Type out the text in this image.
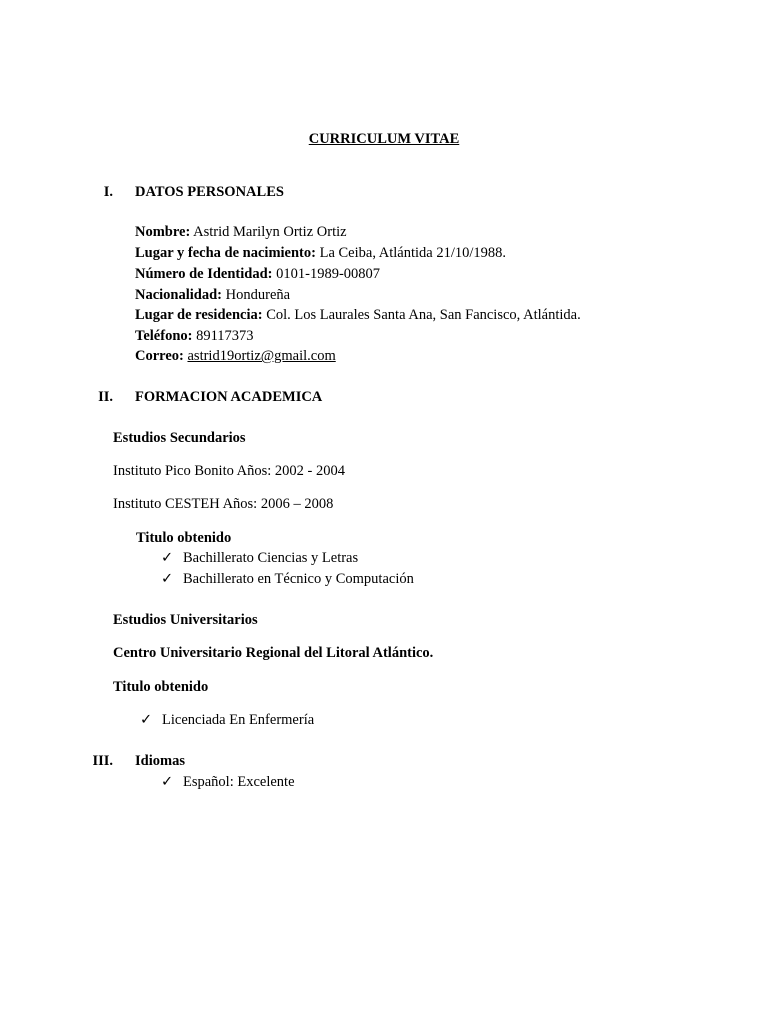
CURRICULUM VITAE
I. DATOS PERSONALES
Nombre: Astrid Marilyn Ortiz Ortiz
Lugar y fecha de nacimiento: La Ceiba, Atlántida 21/10/1988.
Número de Identidad: 0101-1989-00807
Nacionalidad: Hondureña
Lugar de residencia: Col. Los Laurales Santa Ana, San Fancisco, Atlántida.
Teléfono: 89117373
Correo: astrid19ortiz@gmail.com
II. FORMACION ACADEMICA
Estudios Secundarios
Instituto Pico Bonito Años: 2002 - 2004
Instituto CESTEH Años: 2006 – 2008
Titulo obtenido
✓ Bachillerato Ciencias y Letras
✓ Bachillerato en Técnico y Computación
Estudios Universitarios
Centro Universitario Regional del Litoral Atlántico.
Titulo obtenido
✓ Licenciada En Enfermería
III. Idiomas
✓ Español: Excelente
